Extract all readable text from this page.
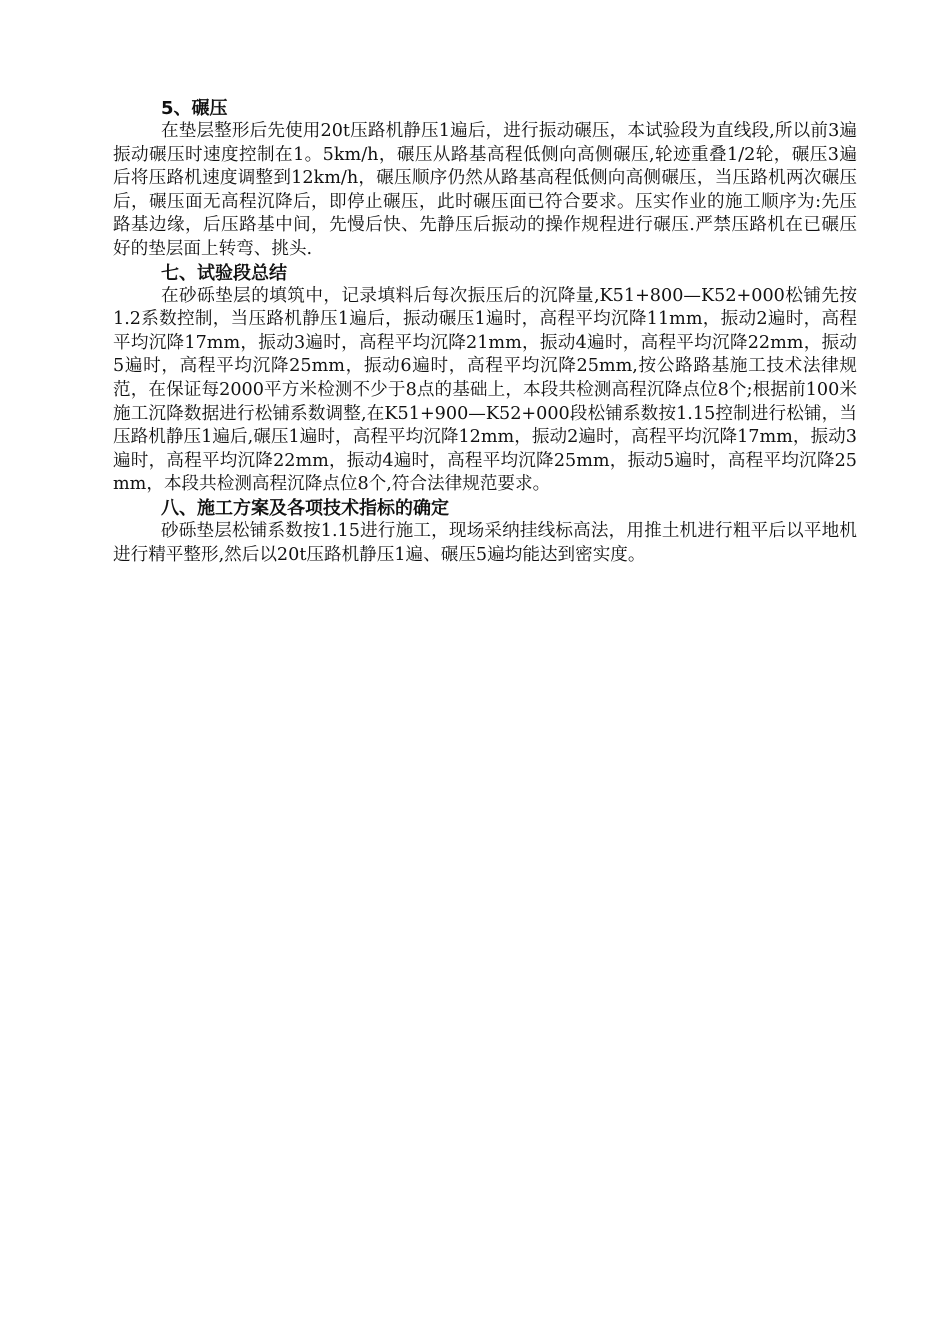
5、碾压

在垫层整形后先使用20t压路机静压1遍后，进行振动碾压，本试验段为直线段,所以前3遍振动碾压时速度控制在1。5km/h，碾压从路基高程低侧向高侧碾压,轮迹重叠1/2轮，碾压3遍后将压路机速度调整到12km/h，碾压顺序仍然从路基高程低侧向高侧碾压，当压路机两次碾压后，碾压面无高程沉降后，即停止碾压，此时碾压面已符合要求。压实作业的施工顺序为:先压路基边缘，后压路基中间，先慢后快、先静压后振动的操作规程进行碾压.严禁压路机在已碾压好的垫层面上转弯、挑头.

七、试验段总结

在砂砾垫层的填筑中，记录填料后每次振压后的沉降量,K51+800—K52+000松铺先按1.2系数控制，当压路机静压1遍后，振动碾压1遍时，高程平均沉降11mm，振动2遍时，高程平均沉降17mm，振动3遍时，高程平均沉降21mm，振动4遍时，高程平均沉降22mm，振动5遍时，高程平均沉降25mm，振动6遍时，高程平均沉降25mm,按公路路基施工技术法律规范，在保证每2000平方米检测不少于8点的基础上，本段共检测高程沉降点位8个;根据前100米施工沉降数据进行松铺系数调整,在K51+900—K52+000段松铺系数按1.15控制进行松铺，当压路机静压1遍后,碾压1遍时，高程平均沉降12mm，振动2遍时，高程平均沉降17mm，振动3遍时，高程平均沉降22mm，振动4遍时，高程平均沉降25mm，振动5遍时，高程平均沉降25mm，本段共检测高程沉降点位8个,符合法律规范要求。

八、施工方案及各项技术指标的确定

砂砾垫层松铺系数按1.15进行施工，现场采纳挂线标高法，用推土机进行粗平后以平地机进行精平整形,然后以20t压路机静压1遍、碾压5遍均能达到密实度。
